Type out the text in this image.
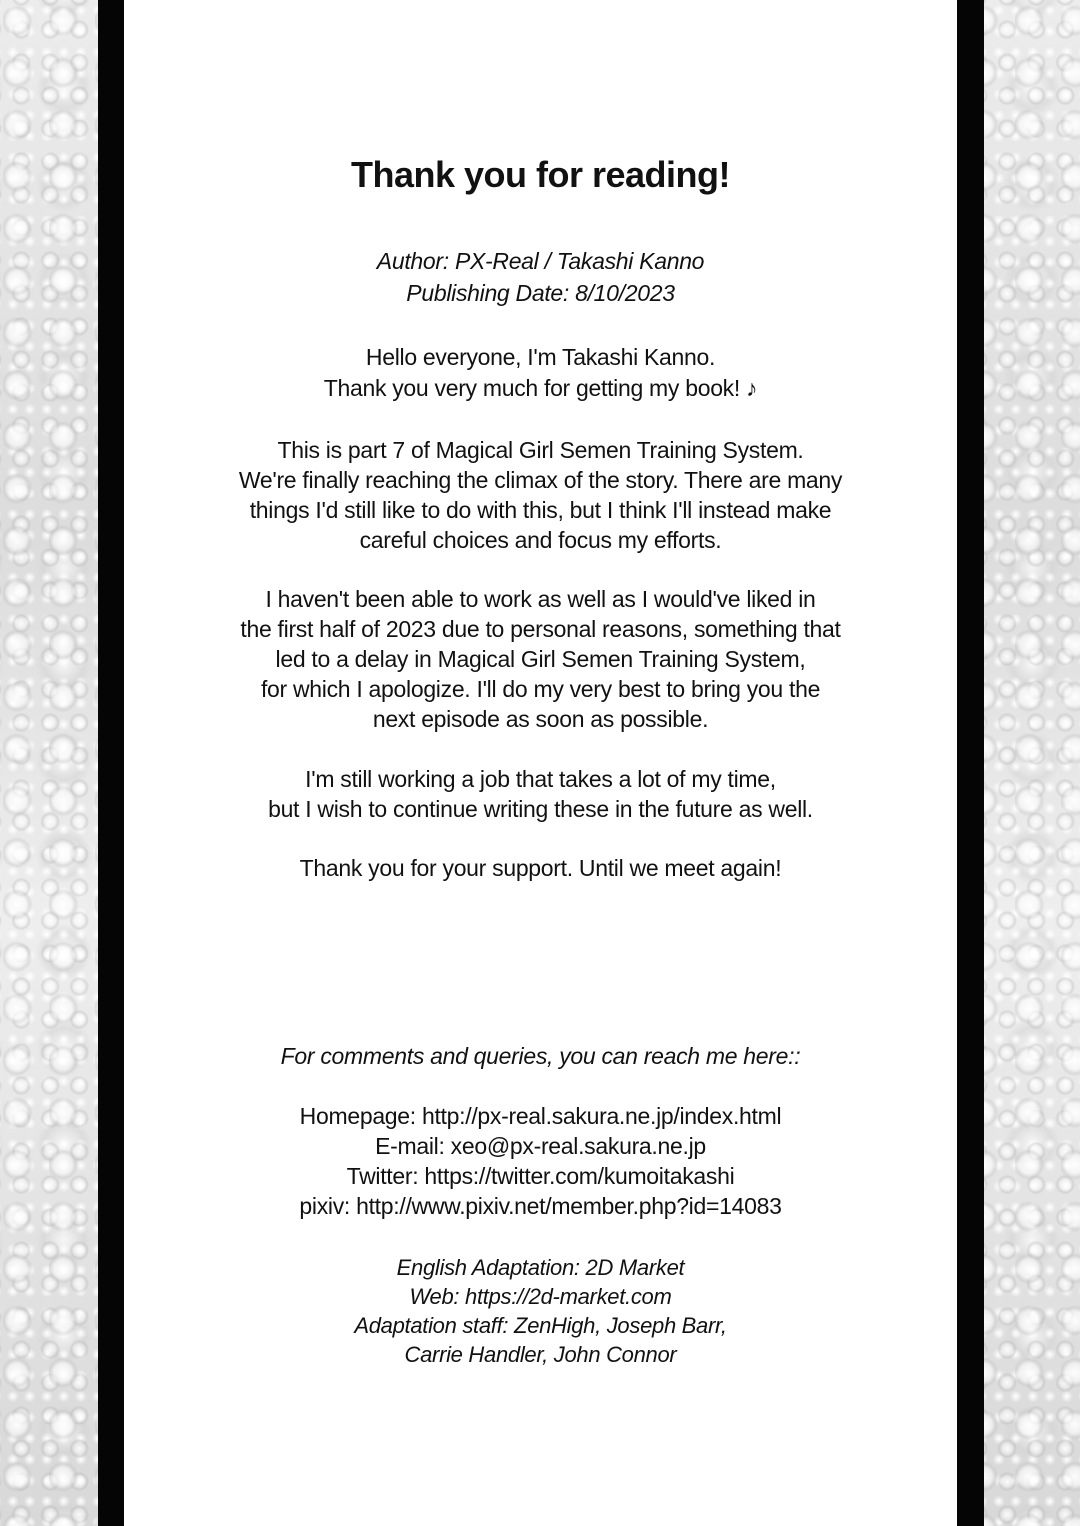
Thank you for reading!
Author: PX-Real / Takashi Kanno
Publishing Date: 8/10/2023
Hello everyone, I'm Takashi Kanno.
Thank you very much for getting my book! ♪
This is part 7 of Magical Girl Semen Training System.
We're finally reaching the climax of the story. There are many
things I'd still like to do with this, but I think I'll instead make
careful choices and focus my efforts.
I haven't been able to work as well as I would've liked in
the first half of 2023 due to personal reasons, something that
led to a delay in Magical Girl Semen Training System,
for which I apologize. I'll do my very best to bring you the
next episode as soon as possible.
I'm still working a job that takes a lot of my time,
but I wish to continue writing these in the future as well.
Thank you for your support. Until we meet again!
For comments and queries, you can reach me here::
Homepage: http://px-real.sakura.ne.jp/index.html
E-mail: xeo@px-real.sakura.ne.jp
Twitter: https://twitter.com/kumoitakashi
pixiv: http://www.pixiv.net/member.php?id=14083
English Adaptation: 2D Market
Web: https://2d-market.com
Adaptation staff: ZenHigh, Joseph Barr,
Carrie Handler, John Connor
